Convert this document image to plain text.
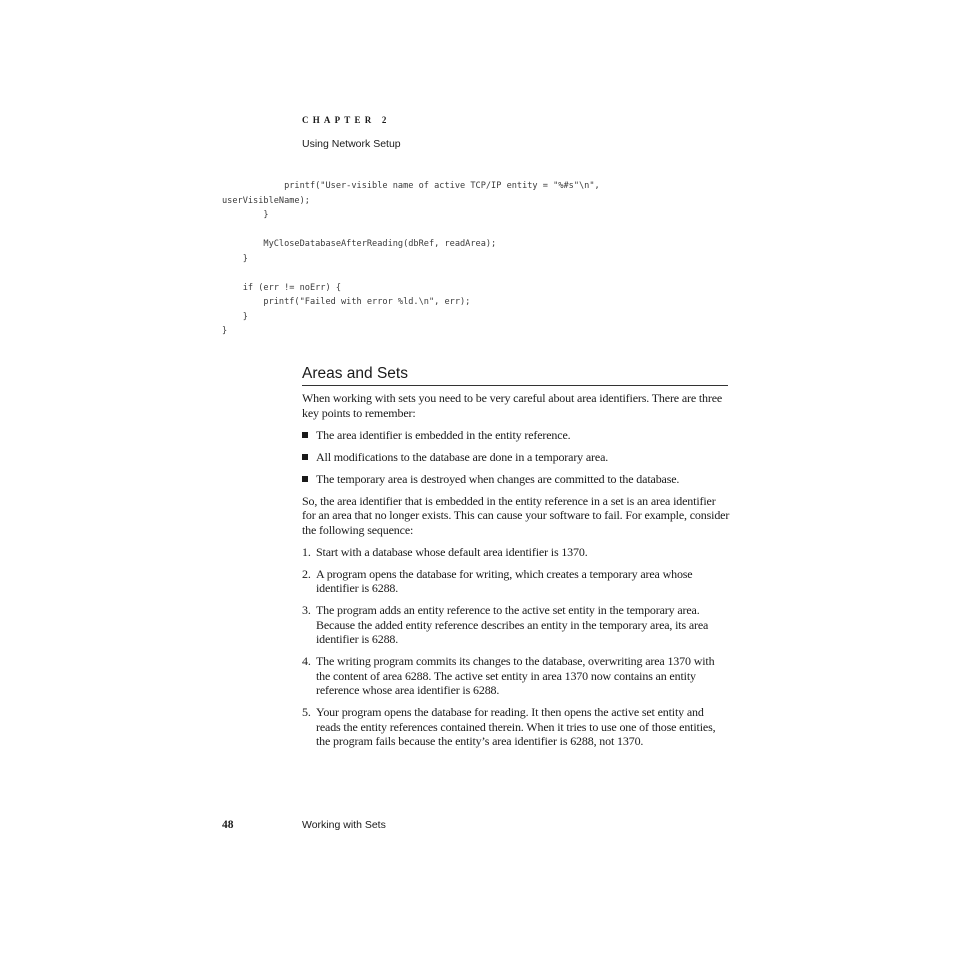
CHAPTER 2
Using Network Setup
printf("User-visible name of active TCP/IP entity = "%#s"\n",
userVisibleName);
}

MyCloseDatabaseAfterReading(dbRef, readArea);
}

if (err != noErr) {
printf("Failed with error %ld.\n", err);
}
}
Areas and Sets

When working with sets you need to be very careful about area identifiers. There are three key points to remember:

The area identifier is embedded in the entity reference.
All modifications to the database are done in a temporary area.
The temporary area is destroyed when changes are committed to the database.

So, the area identifier that is embedded in the entity reference in a set is an area identifier for an area that no longer exists. This can cause your software to fail. For example, consider the following sequence:

1. Start with a database whose default area identifier is 1370.
2. A program opens the database for writing, which creates a temporary area whose identifier is 6288.
3. The program adds an entity reference to the active set entity in the temporary area. Because the added entity reference describes an entity in the temporary area, its area identifier is 6288.
4. The writing program commits its changes to the database, overwriting area 1370 with the content of area 6288. The active set entity in area 1370 now contains an entity reference whose area identifier is 6288.
5. Your program opens the database for reading. It then opens the active set entity and reads the entity references contained therein. When it tries to use one of those entities, the program fails because the entity’s area identifier is 6288, not 1370.
48	Working with Sets
